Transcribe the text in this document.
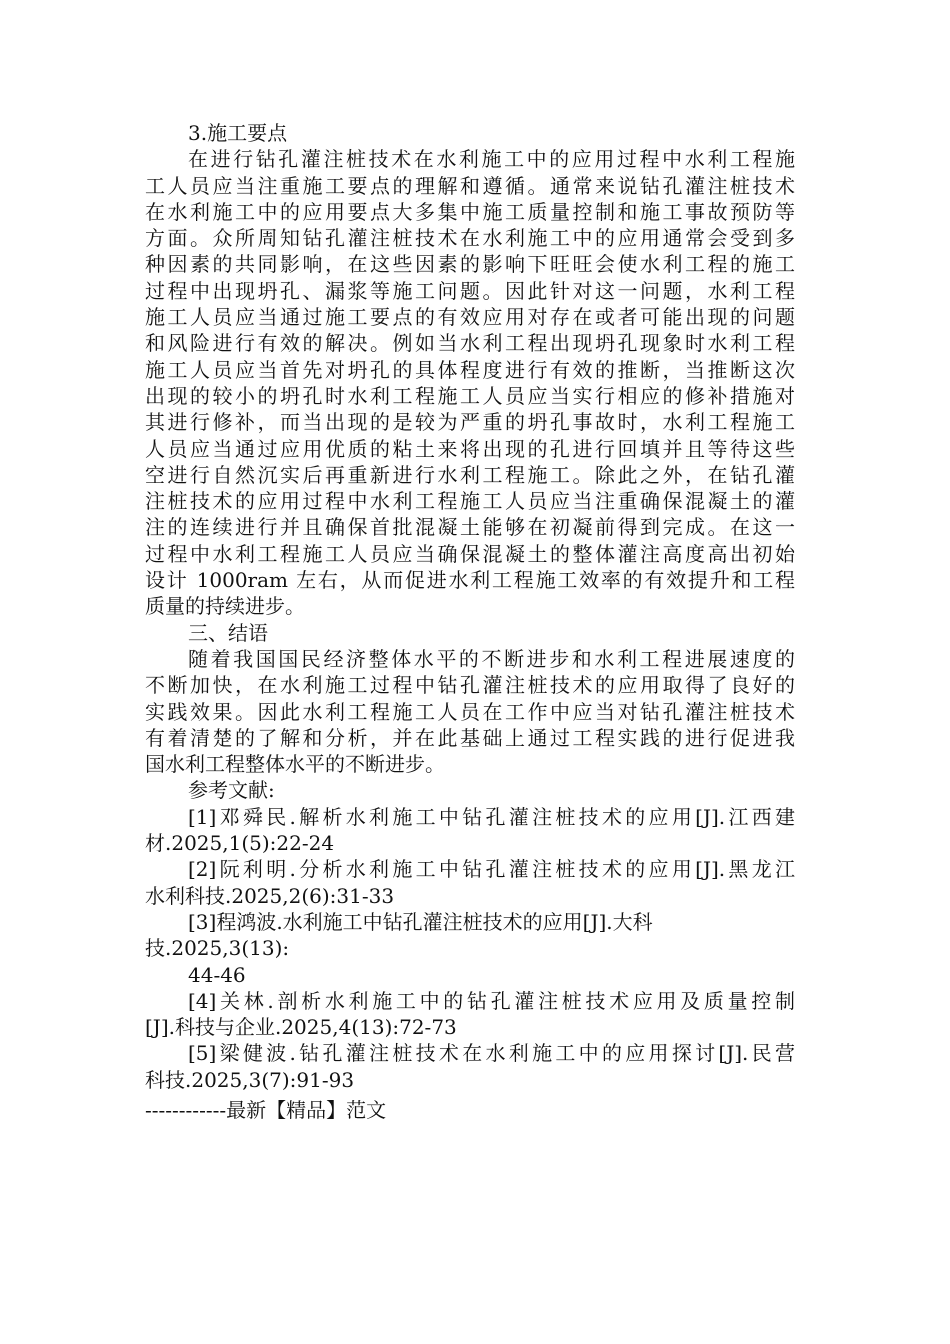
3.施工要点
在进行钻孔灌注桩技术在水利施工中的应用过程中水利工程施
工人员应当注重施工要点的理解和遵循。通常来说钻孔灌注桩技术
在水利施工中的应用要点大多集中施工质量控制和施工事故预防等
方面。众所周知钻孔灌注桩技术在水利施工中的应用通常会受到多
种因素的共同影响，在这些因素的影响下旺旺会使水利工程的施工
过程中出现坍孔、漏浆等施工问题。因此针对这一问题，水利工程
施工人员应当通过施工要点的有效应用对存在或者可能出现的问题
和风险进行有效的解决。例如当水利工程出现坍孔现象时水利工程
施工人员应当首先对坍孔的具体程度进行有效的推断，当推断这次
出现的较小的坍孔时水利工程施工人员应当实行相应的修补措施对
其进行修补，而当出现的是较为严重的坍孔事故时，水利工程施工
人员应当通过应用优质的粘土来将出现的孔进行回填并且等待这些
空进行自然沉实后再重新进行水利工程施工。除此之外，在钻孔灌
注桩技术的应用过程中水利工程施工人员应当注重确保混凝土的灌
注的连续进行并且确保首批混凝土能够在初凝前得到完成。在这一
过程中水利工程施工人员应当确保混凝土的整体灌注高度高出初始
设计 1000ram 左右，从而促进水利工程施工效率的有效提升和工程
质量的持续进步。
三、结语
随着我国国民经济整体水平的不断进步和水利工程进展速度的
不断加快，在水利施工过程中钻孔灌注桩技术的应用取得了良好的
实践效果。因此水利工程施工人员在工作中应当对钻孔灌注桩技术
有着清楚的了解和分析，并在此基础上通过工程实践的进行促进我
国水利工程整体水平的不断进步。
参考文献:
[1]邓舜民.解析水利施工中钻孔灌注桩技术的应用[J].江西建
材.2025,1(5):22-24
[2]阮利明.分析水利施工中钻孔灌注桩技术的应用[J].黑龙江
水利科技.2025,2(6):31-33
[3]程鸿波.水利施工中钻孔灌注桩技术的应用[J].大科
技.2025,3(13):
44-46
[4]关林.剖析水利施工中的钻孔灌注桩技术应用及质量控制
[J].科技与企业.2025,4(13):72-73
[5]梁健波.钻孔灌注桩技术在水利施工中的应用探讨[J].民营
科技.2025,3(7):91-93
------------最新【精品】范文
